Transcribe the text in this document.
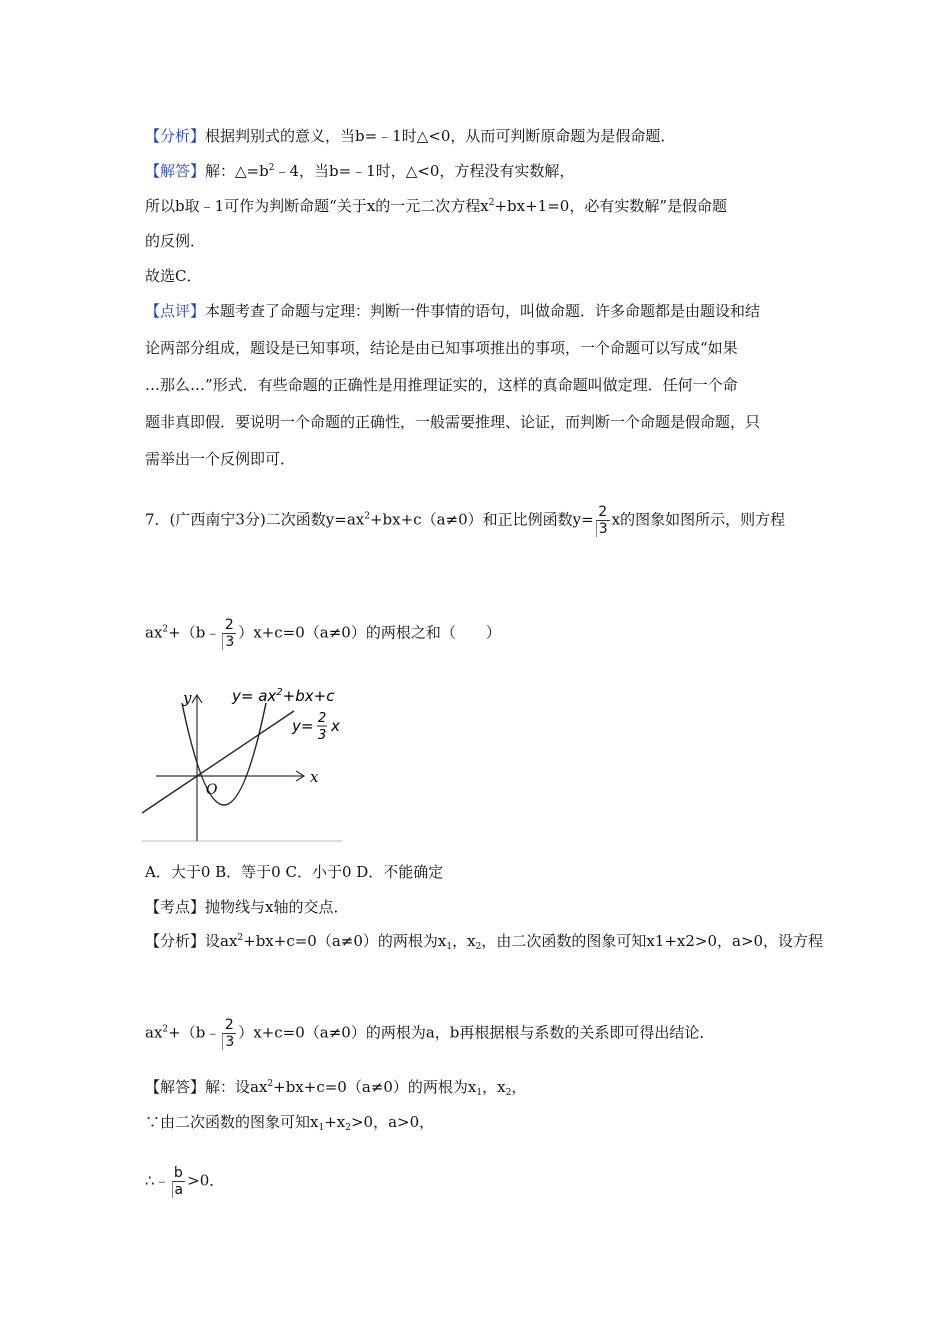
【分析】根据判别式的意义，当b=﹣1时△<0，从而可判断原命题为是假命题．
【解答】解：$\triangle=b^2﹣4$，当b=﹣1时，△<0，方程没有实数解，
所以b取﹣1可作为判断命题“关于x的一元二次方程$x^2+bx+1=0$，必有实数解”是假命题
的反例．
故选C．
【点评】本题考查了命题与定理：判断一件事情的语句，叫做命题．许多命题都是由题设和结
论两部分组成，题设是已知事项，结论是由已知事项推出的事项，一个命题可以写成“如果
…那么…”形式．有些命题的正确性是用推理证实的，这样的真命题叫做定理．任何一个命
题非真即假．要说明一个命题的正确性，一般需要推理、论证，而判断一个命题是假命题，只
需举出一个反例即可．
7．(广西南宁3分)二次函数$y=ax^2+bx+c(a\ne 0)$和正比例函数$y= \frac{2}{3}$ x的图象如图所示，则方程
$ax^2+(b﹣ \frac{2}{3} )x+c=0(a\ne 0)$的两根之和（　　）
y
x
O
$y= ax^2+bx+c$
y= 2
3
x
A．大于0 B．等于0 C．小于0 D．不能确定
【考点】抛物线与x轴的交点．
【分析】设$ax^2+bx+c=0(a\ne 0)$的两根为$x_1$，$x_2$，由二次函数的图象可知x1+x2>0，a>0，设方程
$ax^2+(b﹣ \frac{2}{3} )x+c=0(a\ne 0)$的两根为a，b再根据根与系数的关系即可得出结论．
【解答】解：设$ax^2+bx+c=0(a\ne 0)$的两根为$x_1$，$x_2$，
∵由二次函数的图象可知$x_1+x_2>0$，a>0，
∴﹣ $\frac{b}{a} >0$．
